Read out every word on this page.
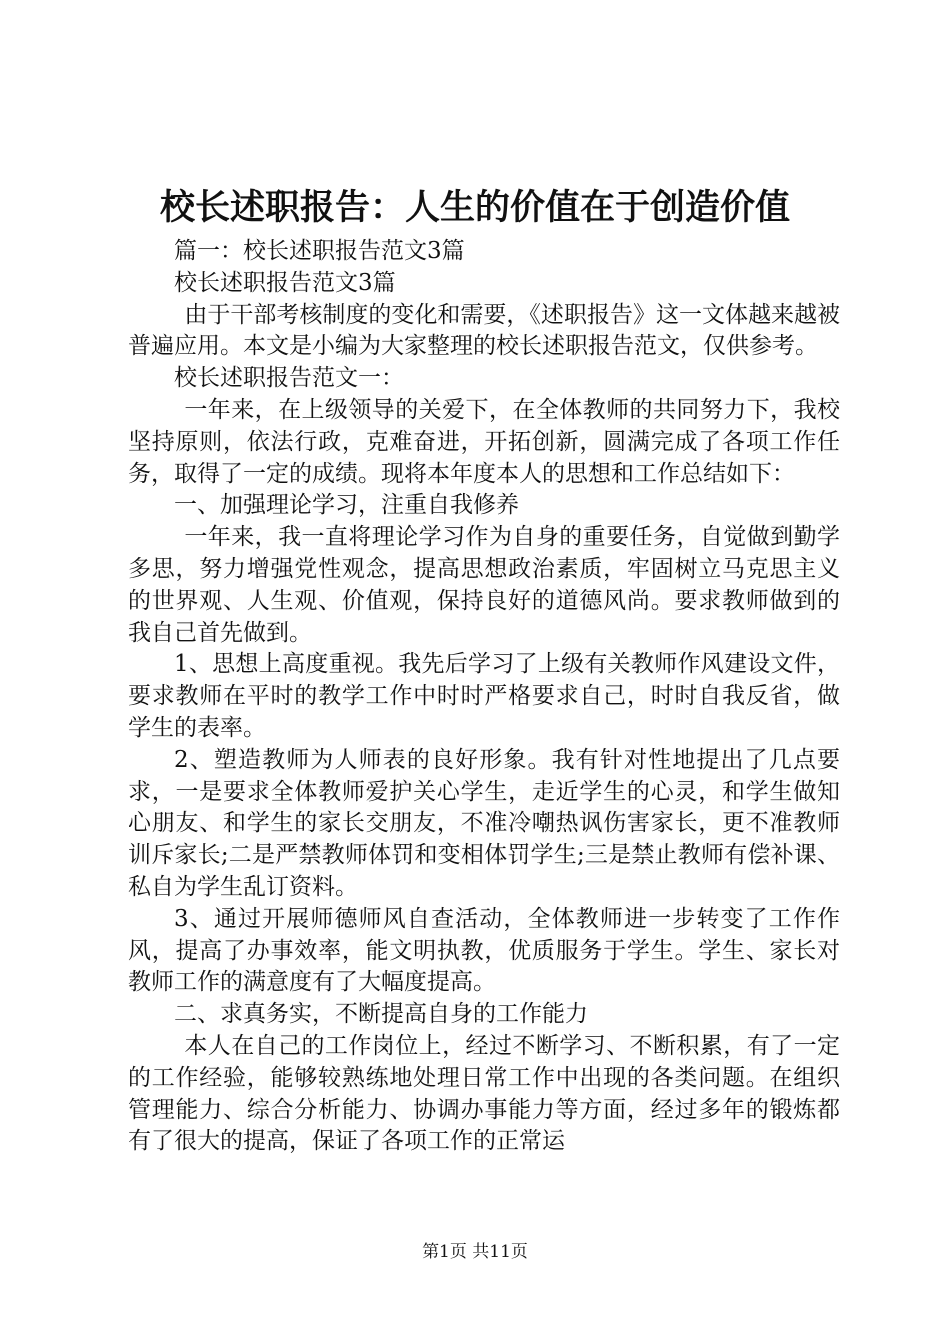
校长述职报告：人生的价值在于创造价值

篇一：校长述职报告范文3篇

校长述职报告范文3篇

由于干部考核制度的变化和需要，《述职报告》这一文体越来越被普遍应用。本文是小编为大家整理的校长述职报告范文，仅供参考。

校长述职报告范文一：

一年来，在上级领导的关爱下，在全体教师的共同努力下，我校坚持原则，依法行政，克难奋进，开拓创新，圆满完成了各项工作任务，取得了一定的成绩。现将本年度本人的思想和工作总结如下：

一、加强理论学习，注重自我修养

一年来，我一直将理论学习作为自身的重要任务，自觉做到勤学多思，努力增强党性观念，提高思想政治素质，牢固树立马克思主义的世界观、人生观、价值观，保持良好的道德风尚。要求教师做到的我自己首先做到。

1、思想上高度重视。我先后学习了上级有关教师作风建设文件，要求教师在平时的教学工作中时时严格要求自己，时时自我反省，做学生的表率。

2、塑造教师为人师表的良好形象。我有针对性地提出了几点要求，一是要求全体教师爱护关心学生，走近学生的心灵，和学生做知心朋友、和学生的家长交朋友，不准冷嘲热讽伤害家长，更不准教师训斥家长;二是严禁教师体罚和变相体罚学生;三是禁止教师有偿补课、私自为学生乱订资料。

3、通过开展师德师风自查活动，全体教师进一步转变了工作作风，提高了办事效率，能文明执教，优质服务于学生。学生、家长对教师工作的满意度有了大幅度提高。

二、求真务实，不断提高自身的工作能力

本人在自己的工作岗位上，经过不断学习、不断积累，有了一定的工作经验，能够较熟练地处理日常工作中出现的各类问题。在组织管理能力、综合分析能力、协调办事能力等方面，经过多年的锻炼都有了很大的提高，保证了各项工作的正常运

第1页 共11页
